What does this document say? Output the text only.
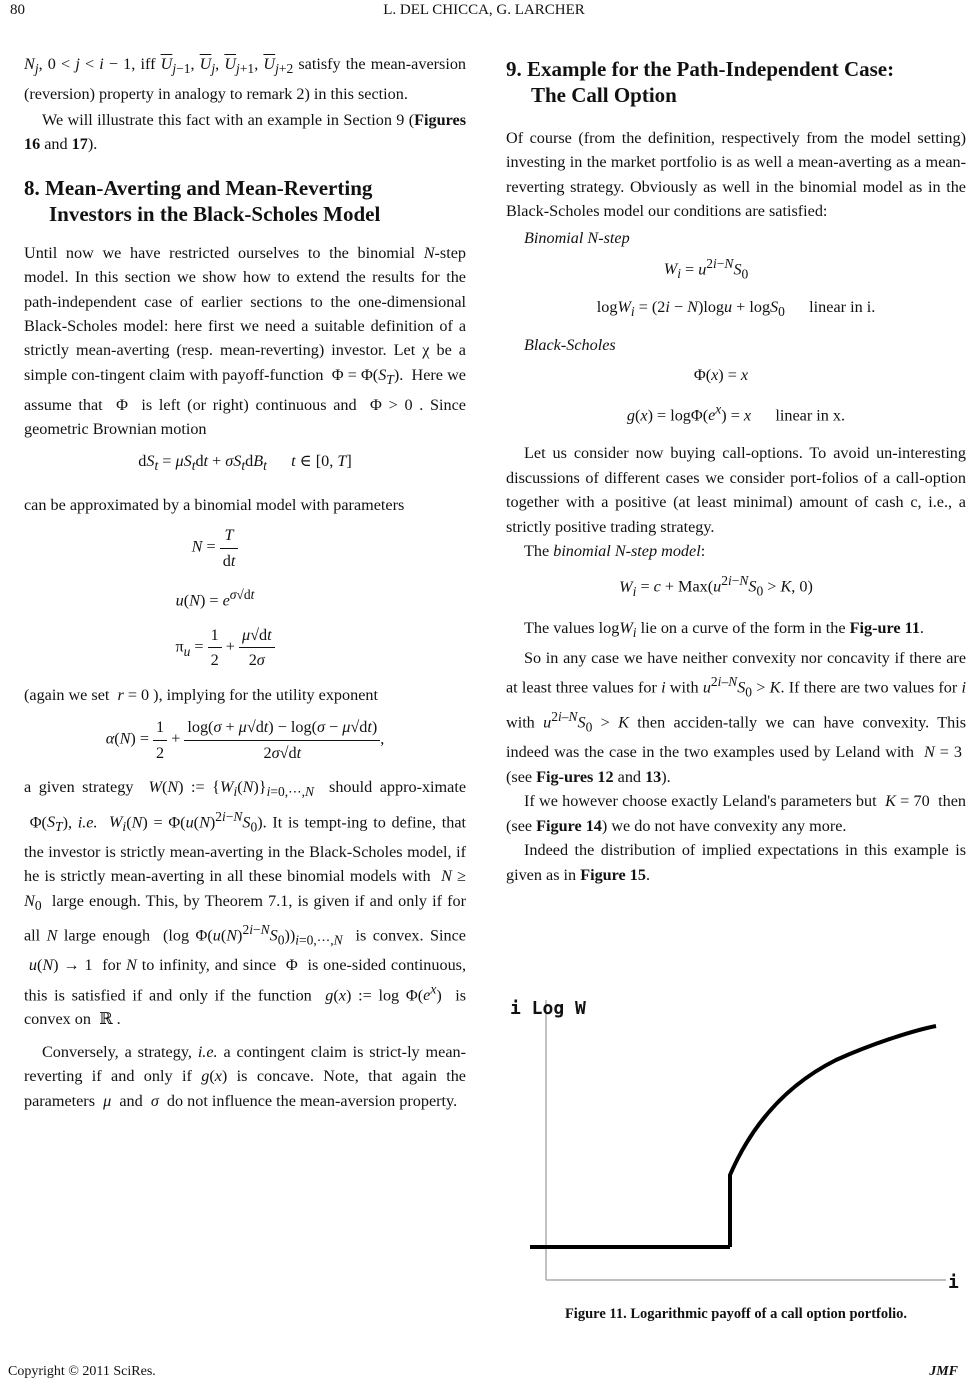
80	L. DEL CHICCA, G. LARCHER

$N_j$, 0 < j < i − 1, iff $\overline{U}_{j-1}$, $\overline{U}_j$, $\overline{U}_{j+1}$, $\overline{U}_{j+2}$ satisfy the mean-aversion (reversion) property in analogy to remark 2) in this section.

We will illustrate this fact with an example in Section 9 (Figures 16 and 17).

8. Mean-Averting and Mean-Reverting
Investors in the Black-Scholes Model

Until now we have restricted ourselves to the binomial N-step model. In this section we show how to extend the results for the path-independent case of earlier sections to the one-dimensional Black-Scholes model: here first we need a suitable definition of a strictly mean-averting (resp. mean-reverting) investor. Let χ be a simple con-tingent claim with payoff-function  $\Phi = \Phi(S_T)$.  Here we assume that  Φ  is left (or right) continuous and  Φ > 0 . Since geometric Brownian motion

$dS_t = \mu S_tdt + \sigma S_tdB_t$ t ∈ [0, T]

can be approximated by a binomial model with parameters

$N = \frac{T}{dt}$
$u(N) = e^{\sigma√dt}$
$\pi_u = \frac{1}{2} + \frac{\mu√dt}{2\sigma}$

(again we set  r = 0 ), implying for the utility exponent

$\alpha(N) = \frac{1}{2} + \frac{\log(\sigma + \mu√dt) - \log(\sigma - \mu√dt)}{2\sigma√dt}$ ,

a given strategy  W(N) := $\{W_i(N)\}_{i=0,\cdots,N}$  should appro-ximate  $\Phi(S_T)$, i.e. $W_i(N) = \Phi(u(N)^{2i-N}S_0)$. It is tempt-ing to define, that the investor is strictly mean-averting in the Black-Scholes model, if he is strictly mean-averting in all these binomial models with  $N \ge N_0$  large enough. This, by Theorem 7.1, is given if and only if for all N large enough  (log $\Phi(u(N)^{2i-N}S_0))_{i=0,\cdots,N}$  is convex. Since  u(N) → 1  for N to infinity, and since  Φ  is one-sided continuous, this is satisfied if and only if the function  g(x) := $\log \Phi(e^x)$  is convex on  ℝ .

Conversely, a strategy, i.e. a contingent claim is strict-ly mean-reverting if and only if g(x) is concave. Note, that again the parameters  μ  and  σ  do not influence the mean-aversion property.

9. Example for the Path-Independent Case:
The Call Option

Of course (from the definition, respectively from the model setting) investing in the market portfolio is as well a mean-averting as a mean-reverting strategy. Obviously as well in the binomial model as in the Black-Scholes model our conditions are satisfied:

Binomial N-step

$W_i = u^{2i-N}S_0$
logW$_i$ = (2i − N)logu + logS$_0$ linear in i.

Black-Scholes

Φ(x) = x
$g(x) = \log\Phi(e^x) = x$ linear in x.

Let us consider now buying call-options. To avoid un-interesting discussions of different cases we consider port-folios of a call-option together with a positive (at least minimal) amount of cash c, i.e., a strictly positive trading strategy.

The binomial N-step model:

$W_i = c + Max(u^{2i-N}S_0 > K$, 0)

The values logW$_i$ lie on a curve of the form in the Fig-ure 11.

So in any case we have neither convexity nor concavity if there are at least three values for i with $u^{2i-N}S_0 > K$. If there are two values for i with $u^{2i-N}S_0 > K$ then acciden-tally we can have convexity. This indeed was the case in the two examples used by Leland with  N = 3  (see Fig-ures 12 and 13).

If we however choose exactly Leland's parameters but  K = 70  then (see Figure 14) we do not have convexity any more.

Indeed the distribution of implied expectations in this example is given as in Figure 15.

i Log W
i
Figure 11. Logarithmic payoff of a call option portfolio.
Copyright © 2011 SciRes.	JMF
